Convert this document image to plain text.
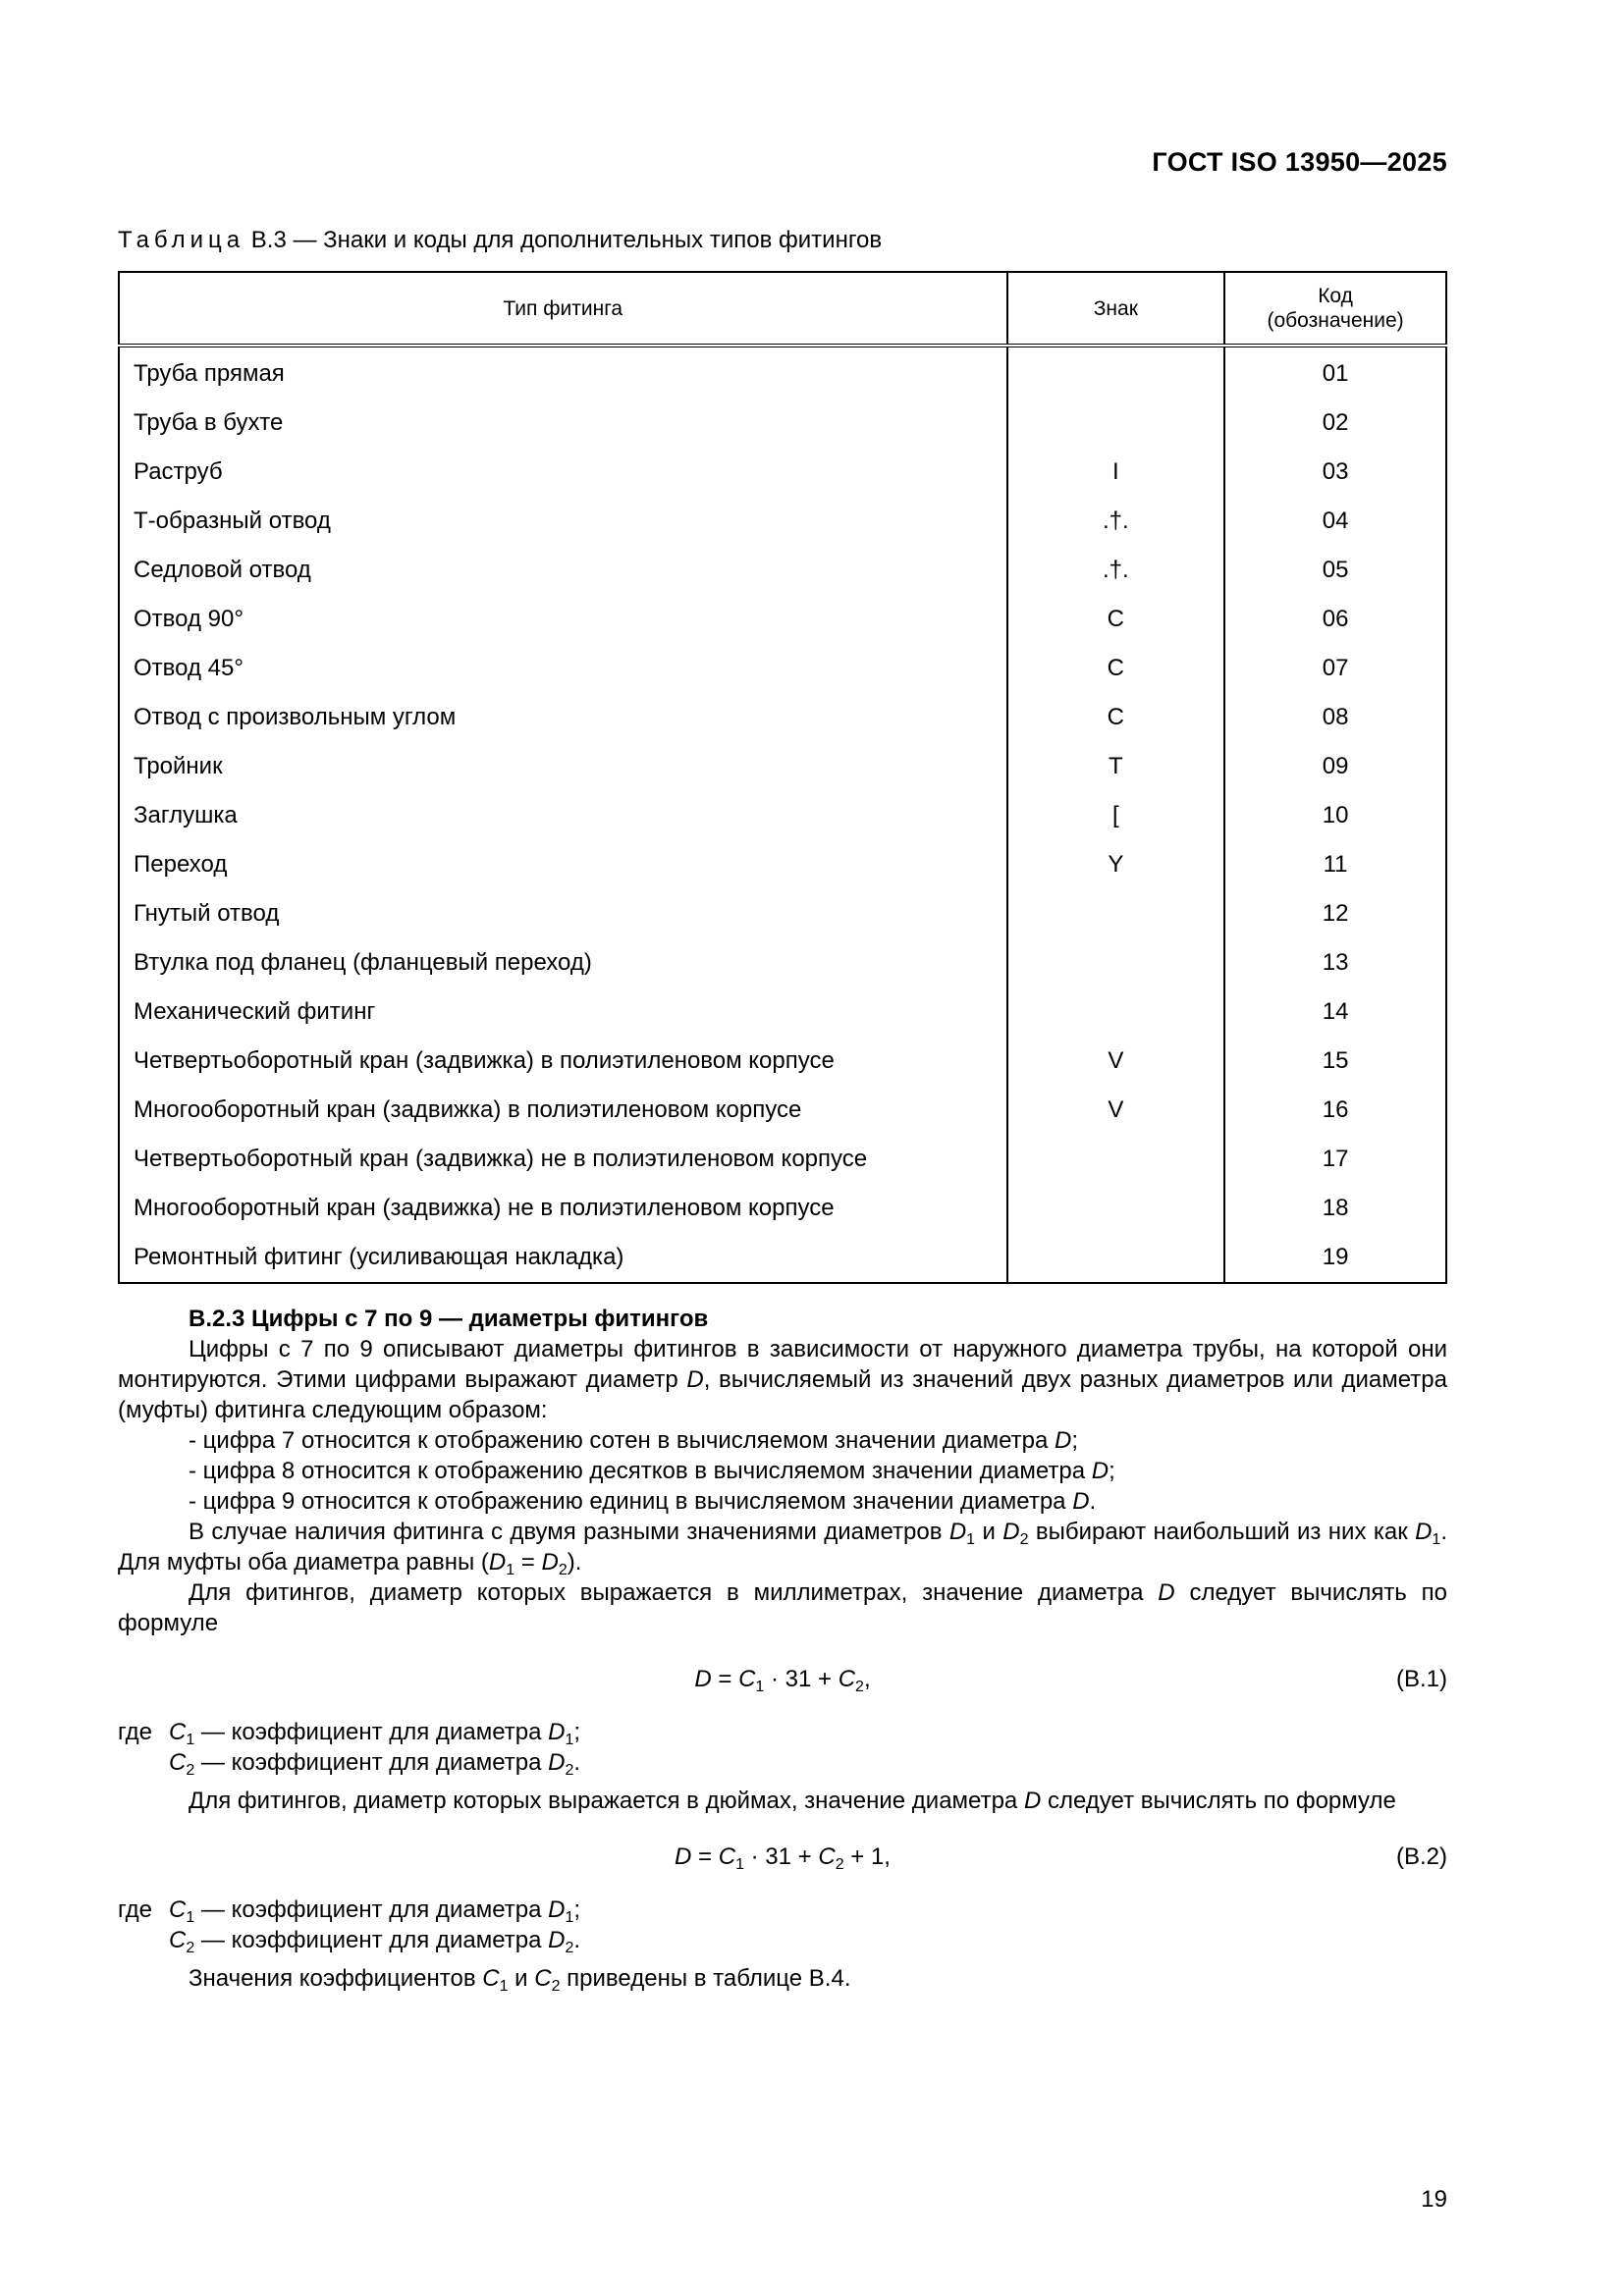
ГОСТ ISO 13950—2025
Таблица В.3 — Знаки и коды для дополнительных типов фитингов
Тип фитинга	Знак	Код
(обозначение)
Труба прямая		01
Труба в бухте		02
Раструб	I	03
Т-образный отвод	.†.	04
Седловой отвод	.†.	05
Отвод 90°	C	06
Отвод 45°	C	07
Отвод с произвольным углом	C	08
Тройник	T	09
Заглушка	[	10
Переход	Y	11
Гнутый отвод		12
Втулка под фланец (фланцевый переход)		13
Механический фитинг		14
Четвертьоборотный кран (задвижка) в полиэтиленовом корпусе	V	15
Многооборотный кран (задвижка) в полиэтиленовом корпусе	V	16
Четвертьоборотный кран (задвижка) не в полиэтиленовом корпусе		17
Многооборотный кран (задвижка) не в полиэтиленовом корпусе		18
Ремонтный фитинг (усиливающая накладка)		19

В.2.3 Цифры с 7 по 9 — диаметры фитингов

Цифры с 7 по 9 описывают диаметры фитингов в зависимости от наружного диаметра трубы, на которой они монтируются. Этими цифрами выражают диаметр D, вычисляемый из значений двух разных диаметров или диаметра (муфты) фитинга следующим образом:

- цифра 7 относится к отображению сотен в вычисляемом значении диаметра D;

- цифра 8 относится к отображению десятков в вычисляемом значении диаметра D;

- цифра 9 относится к отображению единиц в вычисляемом значении диаметра D.

В случае наличия фитинга с двумя разными значениями диаметров $D_1$ и $D_2$ выбирают наибольший из них как $D_1$. Для муфты оба диаметра равны $(D_1 = D_2)$.

Для фитингов, диаметр которых выражается в миллиметрах, значение диаметра D следует вычислять по формуле

$D = C_1 \cdot 31 + C_2$,	(В.1)

где $C_1$ — коэффициент для диаметра $D_1$;

$C_2$ — коэффициент для диаметра $D_2$.

Для фитингов, диаметр которых выражается в дюймах, значение диаметра D следует вычислять по формуле

$D = C_1 \cdot 31 + C_2 + 1$,	(В.2)

где $C_1$ — коэффициент для диаметра $D_1$;

$C_2$ — коэффициент для диаметра $D_2$.

Значения коэффициентов $C_1$ и $C_2$ приведены в таблице В.4.

19
